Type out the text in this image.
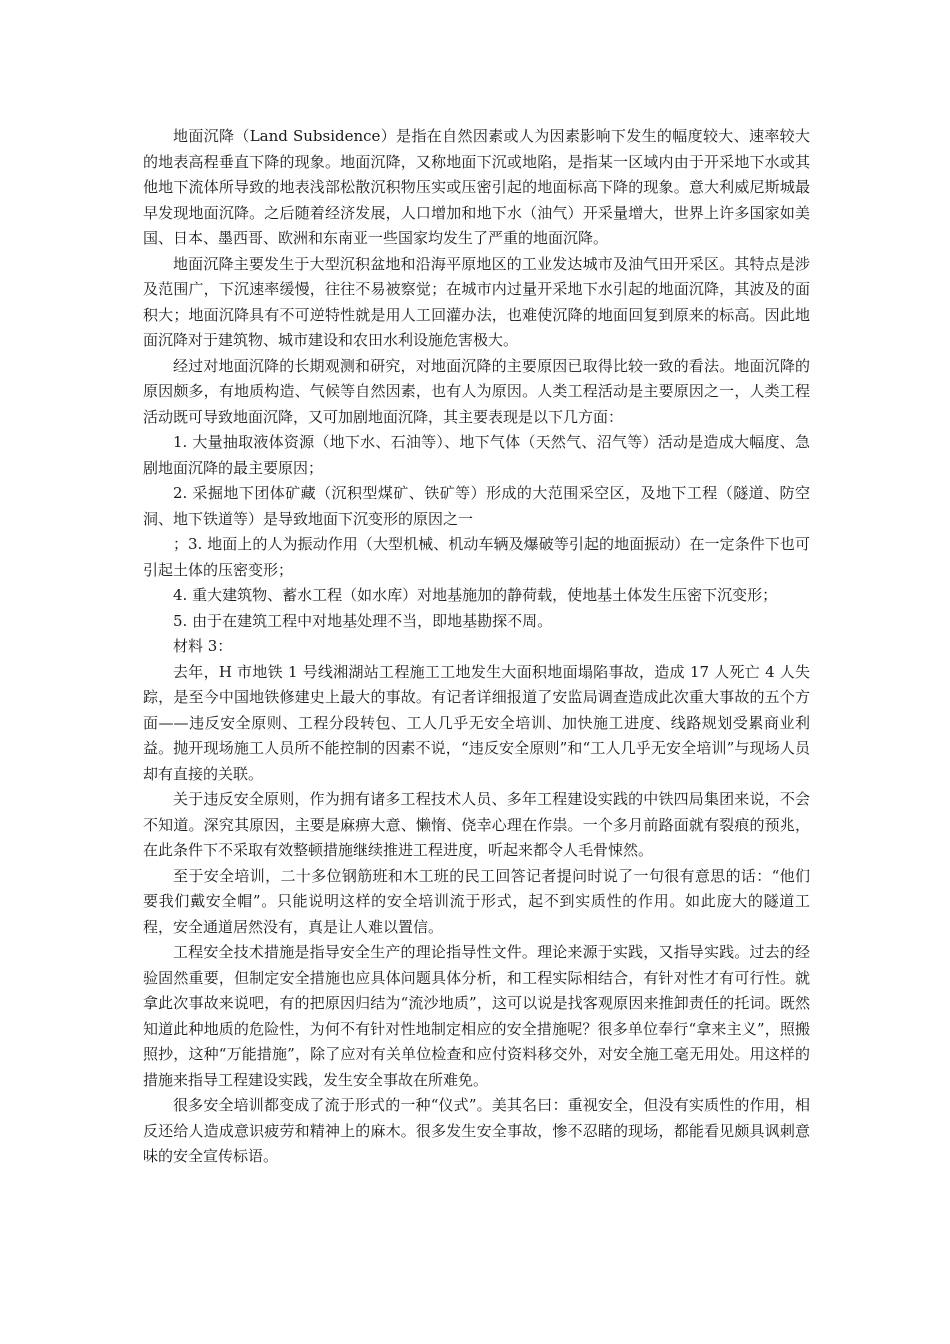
地面沉降（Land Subsidence）是指在自然因素或人为因素影响下发生的幅度较大、速率较大的地表高程垂直下降的现象。地面沉降，又称地面下沉或地陷，是指某一区域内由于开采地下水或其他地下流体所导致的地表浅部松散沉积物压实或压密引起的地面标高下降的现象。意大利威尼斯城最早发现地面沉降。之后随着经济发展，人口增加和地下水（油气）开采量增大，世界上许多国家如美国、日本、墨西哥、欧洲和东南亚一些国家均发生了严重的地面沉降。

地面沉降主要发生于大型沉积盆地和沿海平原地区的工业发达城市及油气田开采区。其特点是涉及范围广，下沉速率缓慢，往往不易被察觉；在城市内过量开采地下水引起的地面沉降，其波及的面积大；地面沉降具有不可逆特性就是用人工回灌办法，也难使沉降的地面回复到原来的标高。因此地面沉降对于建筑物、城市建设和农田水利设施危害极大。

经过对地面沉降的长期观测和研究，对地面沉降的主要原因已取得比较一致的看法。地面沉降的原因颇多，有地质构造、气候等自然因素，也有人为原因。人类工程活动是主要原因之一，人类工程活动既可导致地面沉降，又可加剧地面沉降，其主要表现是以下几方面：

1. 大量抽取液体资源（地下水、石油等）、地下气体（天然气、沼气等）活动是造成大幅度、急剧地面沉降的最主要原因；

2. 采掘地下团体矿藏（沉积型煤矿、铁矿等）形成的大范围采空区，及地下工程（隧道、防空洞、地下铁道等）是导致地面下沉变形的原因之一

；3. 地面上的人为振动作用（大型机械、机动车辆及爆破等引起的地面振动）在一定条件下也可引起土体的压密变形；

4. 重大建筑物、蓄水工程（如水库）对地基施加的静荷载，使地基土体发生压密下沉变形；

5. 由于在建筑工程中对地基处理不当，即地基勘探不周。

材料 3：

去年，H 市地铁 1 号线湘湖站工程施工工地发生大面积地面塌陷事故，造成 17 人死亡 4 人失踪，是至今中国地铁修建史上最大的事故。有记者详细报道了安监局调查造成此次重大事故的五个方面——违反安全原则、工程分段转包、工人几乎无安全培训、加快施工进度、线路规划受累商业利益。抛开现场施工人员所不能控制的因素不说，“违反安全原则”和“工人几乎无安全培训”与现场人员却有直接的关联。

关于违反安全原则，作为拥有诸多工程技术人员、多年工程建设实践的中铁四局集团来说，不会不知道。深究其原因，主要是麻痹大意、懒惰、侥幸心理在作祟。一个多月前路面就有裂痕的预兆，在此条件下不采取有效整顿措施继续推进工程进度，听起来都令人毛骨悚然。

至于安全培训，二十多位钢筋班和木工班的民工回答记者提问时说了一句很有意思的话：“他们要我们戴安全帽”。只能说明这样的安全培训流于形式，起不到实质性的作用。如此庞大的隧道工程，安全通道居然没有，真是让人难以置信。

工程安全技术措施是指导安全生产的理论指导性文件。理论来源于实践，又指导实践。过去的经验固然重要，但制定安全措施也应具体问题具体分析，和工程实际相结合，有针对性才有可行性。就拿此次事故来说吧，有的把原因归结为“流沙地质”，这可以说是找客观原因来推卸责任的托词。既然知道此种地质的危险性，为何不有针对性地制定相应的安全措施呢？很多单位奉行“拿来主义”，照搬照抄，这种“万能措施”，除了应对有关单位检查和应付资料移交外，对安全施工毫无用处。用这样的措施来指导工程建设实践，发生安全事故在所难免。

很多安全培训都变成了流于形式的一种“仪式”。美其名曰：重视安全，但没有实质性的作用，相反还给人造成意识疲劳和精神上的麻木。很多发生安全事故，惨不忍睹的现场，都能看见颇具讽刺意味的安全宣传标语。
